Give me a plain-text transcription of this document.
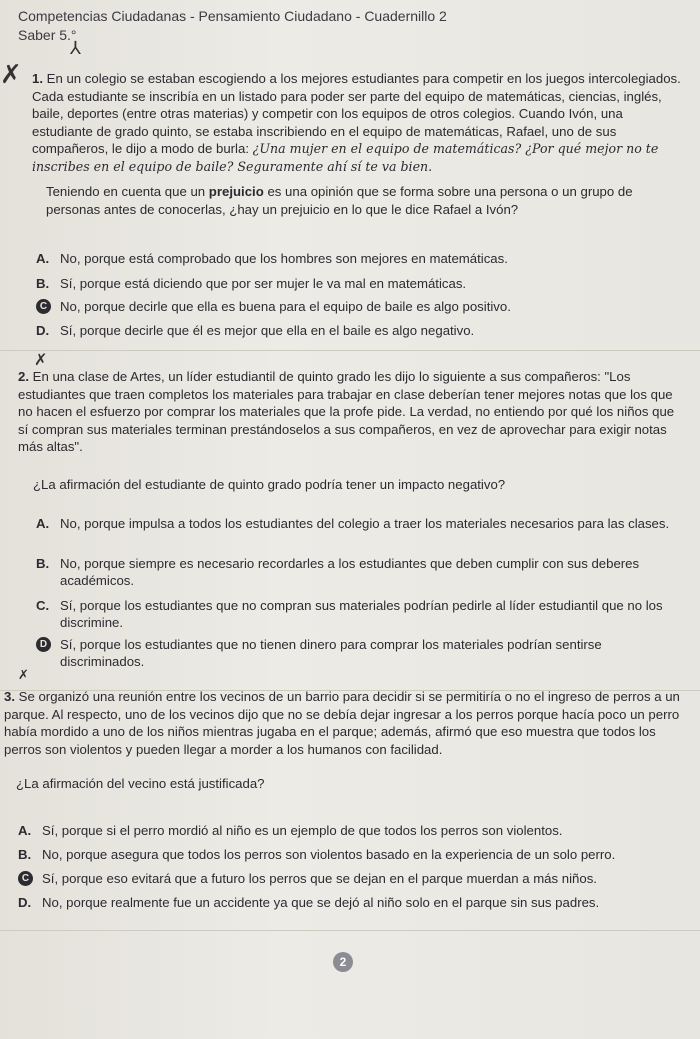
Competencias Ciudadanas - Pensamiento Ciudadano - Cuadernillo 2
Saber 5.°
✗
⅄

1. En un colegio se estaban escogiendo a los mejores estudiantes para competir en los juegos intercolegiados. Cada estudiante se inscribía en un listado para poder ser parte del equipo de matemáticas, ciencias, inglés, baile, deportes (entre otras materias) y competir con los equipos de otros colegios. Cuando Ivón, una estudiante de grado quinto, se estaba inscribiendo en el equipo de matemáticas, Rafael, uno de sus compañeros, le dijo a modo de burla: ¿Una mujer en el equipo de matemáticas? ¿Por qué mejor no te inscribes en el equipo de baile? Seguramente ahí sí te va bien.

Teniendo en cuenta que un prejuicio es una opinión que se forma sobre una persona o un grupo de personas antes de conocerlas, ¿hay un prejuicio en lo que le dice Rafael a Ivón?

A. No, porque está comprobado que los hombres son mejores en matemáticas.
B. Sí, porque está diciendo que por ser mujer le va mal en matemáticas.
C No, porque decirle que ella es buena para el equipo de baile es algo positivo.
D. Sí, porque decirle que él es mejor que ella en el baile es algo negativo.
✗

2. En una clase de Artes, un líder estudiantil de quinto grado les dijo lo siguiente a sus compañeros: "Los estudiantes que traen completos los materiales para trabajar en clase deberían tener mejores notas que los que no hacen el esfuerzo por comprar los materiales que la profe pide. La verdad, no entiendo por qué los niños que sí compran sus materiales terminan prestándoselos a sus compañeros, en vez de aprovechar para exigir notas más altas".

¿La afirmación del estudiante de quinto grado podría tener un impacto negativo?

A. No, porque impulsa a todos los estudiantes del colegio a traer los materiales necesarios para las clases.
B. No, porque siempre es necesario recordarles a los estudiantes que deben cumplir con sus deberes académicos.
C. Sí, porque los estudiantes que no compran sus materiales podrían pedirle al líder estudiantil que no los discrimine.
D Sí, porque los estudiantes que no tienen dinero para comprar los materiales podrían sentirse discriminados.
✗

3. Se organizó una reunión entre los vecinos de un barrio para decidir si se permitiría o no el ingreso de perros a un parque. Al respecto, uno de los vecinos dijo que no se debía dejar ingresar a los perros porque hacía poco un perro había mordido a uno de los niños mientras jugaba en el parque; además, afirmó que eso muestra que todos los perros son violentos y pueden llegar a morder a los humanos con facilidad.

¿La afirmación del vecino está justificada?

A. Sí, porque si el perro mordió al niño es un ejemplo de que todos los perros son violentos.
B. No, porque asegura que todos los perros son violentos basado en la experiencia de un solo perro.
C Sí, porque eso evitará que a futuro los perros que se dejan en el parque muerdan a más niños.
D. No, porque realmente fue un accidente ya que se dejó al niño solo en el parque sin sus padres.
2
